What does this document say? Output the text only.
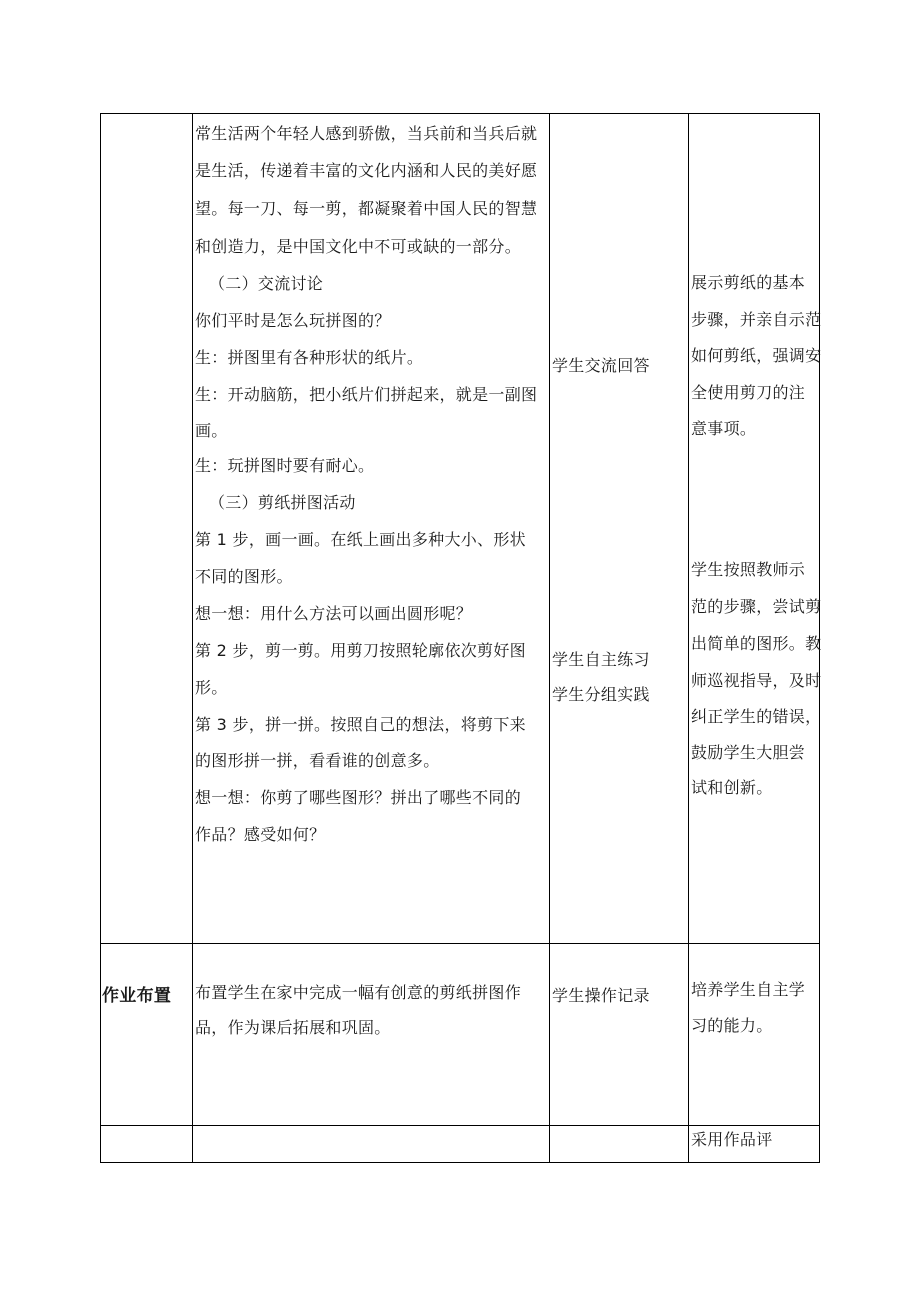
常生活两个年轻人感到骄傲，当兵前和当兵后就
是生活，传递着丰富的文化内涵和人民的美好愿
望。每一刀、每一剪，都凝聚着中国人民的智慧
和创造力，是中国文化中不可或缺的一部分。
（二）交流讨论
你们平时是怎么玩拼图的？
生：拼图里有各种形状的纸片。
生：开动脑筋，把小纸片们拼起来，就是一副图
画。
生：玩拼图时要有耐心。
（三）剪纸拼图活动
第 1 步，画一画。在纸上画出多种大小、形状
不同的图形。
想一想：用什么方法可以画出圆形呢？
第 2 步，剪一剪。用剪刀按照轮廓依次剪好图
形。
第 3 步，拼一拼。按照自己的想法，将剪下来
的图形拼一拼，看看谁的创意多。
想一想：你剪了哪些图形？拼出了哪些不同的
作品？感受如何？
学生交流回答
学生自主练习
学生分组实践
展示剪纸的基本
步骤，并亲自示范
如何剪纸，强调安
全使用剪刀的注
意事项。
学生按照教师示
范的步骤，尝试剪
出简单的图形。教
师巡视指导，及时
纠正学生的错误，
鼓励学生大胆尝
试和创新。
作业布置 布置学生在家中完成一幅有创意的剪纸拼图作
品，作为课后拓展和巩固。
学生操作记录	培养学生自主学
习的能力。
采用作品评
